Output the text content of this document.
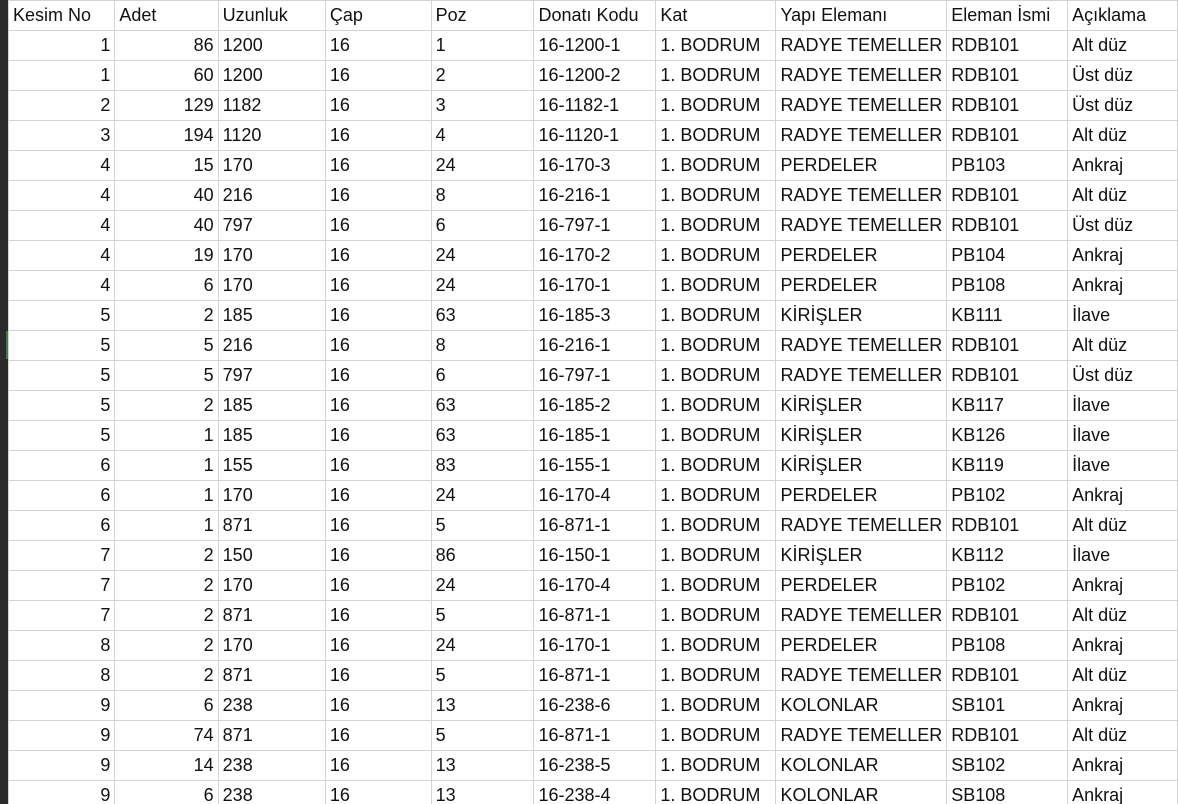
Kesim No	Adet	Uzunluk	Çap	Poz	Donatı Kodu	Kat	Yapı Elemanı	Eleman İsmi	Açıklama
1	86	1200	16	1	16-1200-1	1. BODRUM	RADYE TEMELLER	RDB101	Alt düz
1	60	1200	16	2	16-1200-2	1. BODRUM	RADYE TEMELLER	RDB101	Üst düz
2	129	1182	16	3	16-1182-1	1. BODRUM	RADYE TEMELLER	RDB101	Üst düz
3	194	1120	16	4	16-1120-1	1. BODRUM	RADYE TEMELLER	RDB101	Alt düz
4	15	170	16	24	16-170-3	1. BODRUM	PERDELER	PB103	Ankraj
4	40	216	16	8	16-216-1	1. BODRUM	RADYE TEMELLER	RDB101	Alt düz
4	40	797	16	6	16-797-1	1. BODRUM	RADYE TEMELLER	RDB101	Üst düz
4	19	170	16	24	16-170-2	1. BODRUM	PERDELER	PB104	Ankraj
4	6	170	16	24	16-170-1	1. BODRUM	PERDELER	PB108	Ankraj
5	2	185	16	63	16-185-3	1. BODRUM	KİRİŞLER	KB111	İlave
5	5	216	16	8	16-216-1	1. BODRUM	RADYE TEMELLER	RDB101	Alt düz
5	5	797	16	6	16-797-1	1. BODRUM	RADYE TEMELLER	RDB101	Üst düz
5	2	185	16	63	16-185-2	1. BODRUM	KİRİŞLER	KB117	İlave
5	1	185	16	63	16-185-1	1. BODRUM	KİRİŞLER	KB126	İlave
6	1	155	16	83	16-155-1	1. BODRUM	KİRİŞLER	KB119	İlave
6	1	170	16	24	16-170-4	1. BODRUM	PERDELER	PB102	Ankraj
6	1	871	16	5	16-871-1	1. BODRUM	RADYE TEMELLER	RDB101	Alt düz
7	2	150	16	86	16-150-1	1. BODRUM	KİRİŞLER	KB112	İlave
7	2	170	16	24	16-170-4	1. BODRUM	PERDELER	PB102	Ankraj
7	2	871	16	5	16-871-1	1. BODRUM	RADYE TEMELLER	RDB101	Alt düz
8	2	170	16	24	16-170-1	1. BODRUM	PERDELER	PB108	Ankraj
8	2	871	16	5	16-871-1	1. BODRUM	RADYE TEMELLER	RDB101	Alt düz
9	6	238	16	13	16-238-6	1. BODRUM	KOLONLAR	SB101	Ankraj
9	74	871	16	5	16-871-1	1. BODRUM	RADYE TEMELLER	RDB101	Alt düz
9	14	238	16	13	16-238-5	1. BODRUM	KOLONLAR	SB102	Ankraj
9	6	238	16	13	16-238-4	1. BODRUM	KOLONLAR	SB108	Ankraj
